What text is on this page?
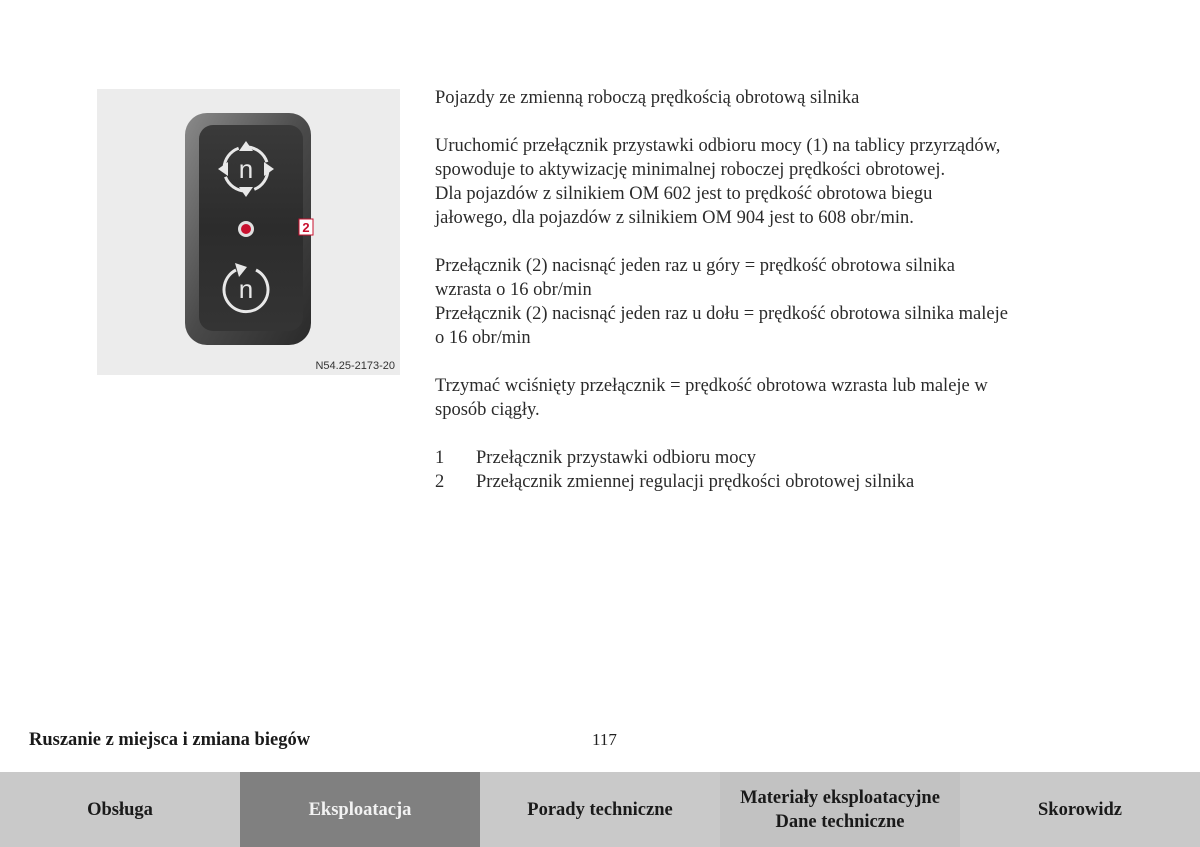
n
n
2
N54.25-2173-20

Pojazdy ze zmienną roboczą prędkością obrotową silnika

Uruchomić przełącznik przystawki odbioru mocy (1) na tablicy przyrządów,
spowoduje to aktywizację minimalnej roboczej prędkości obrotowej.
Dla pojazdów z silnikiem OM 602 jest to prędkość obrotowa biegu
jałowego, dla pojazdów z silnikiem OM 904 jest to 608 obr/min.

Przełącznik (2) nacisnąć jeden raz u góry = prędkość obrotowa silnika
wzrasta o 16 obr/min
Przełącznik (2) nacisnąć jeden raz u dołu = prędkość obrotowa silnika maleje
o 16 obr/min

Trzymać wciśnięty przełącznik = prędkość obrotowa wzrasta lub maleje w
sposób ciągły.

1	Przełącznik przystawki odbioru mocy
2	Przełącznik zmiennej regulacji prędkości obrotowej silnika
Ruszanie z miejsca i zmiana biegów	117
Obsługa	Eksploatacja	Porady techniczne
Materiały eksploatacyjne
Dane techniczne
Skorowidz
